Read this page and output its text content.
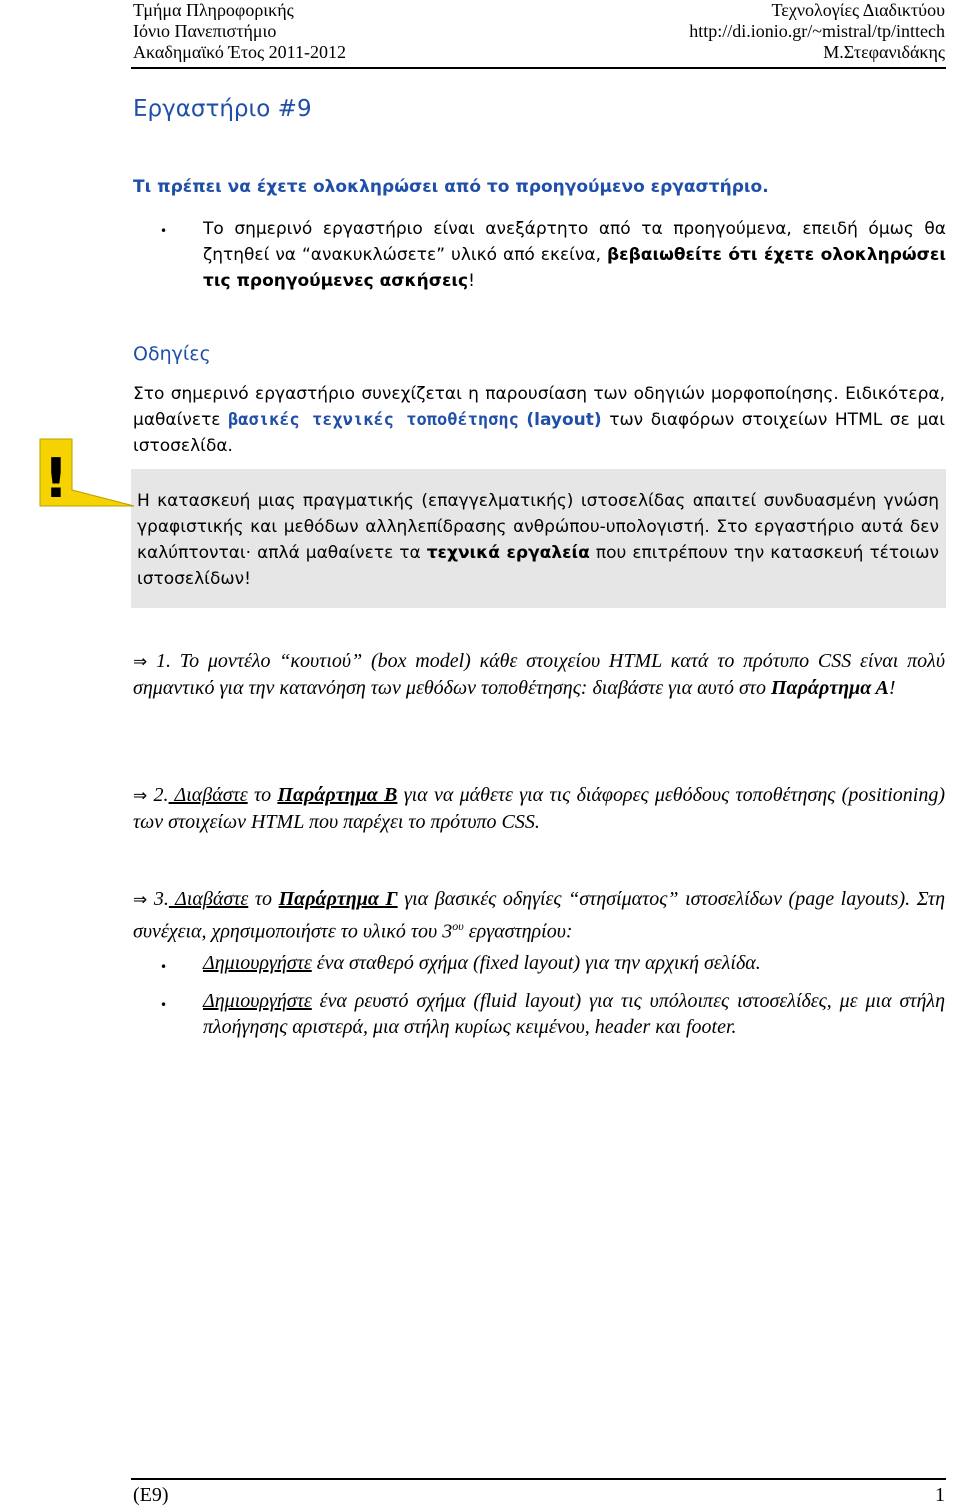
Τμήμα Πληροφορικής
Ιόνιο Πανεπιστήμιο
Ακαδημαϊκό Έτος 2011-2012
Τεχνολογίες Διαδικτύου
http://di.ionio.gr/~mistral/tp/inttech
Μ.Στεφανιδάκης
Εργαστήριο #9
Τι πρέπει να έχετε ολοκληρώσει από το προηγούμενο εργαστήριο.
• Το σημερινό εργαστήριο είναι ανεξάρτητο από τα προηγούμενα, επειδή όμως θα ζητηθεί να “ανακυκλώσετε” υλικό από εκείνα, βεβαιωθείτε ότι έχετε ολοκληρώσει τις προηγούμενες ασκήσεις!
Οδηγίες
Στο σημερινό εργαστήριο συνεχίζεται η παρουσίαση των οδηγιών μορφοποίησης. Ειδικότερα, μαθαίνετε βασικές τεχνικές τοποθέτησης (layout) των διαφόρων στοιχείων HTML σε μαι ιστοσελίδα.
!	Η κατασκευή μιας πραγματικής (επαγγελματικής) ιστοσελίδας απαιτεί συνδυασμένη γνώση γραφιστικής και μεθόδων αλληλεπίδρασης ανθρώπου-υπολογιστή. Στο εργαστήριο αυτά δεν καλύπτονται· απλά μαθαίνετε τα τεχνικά εργαλεία που επιτρέπουν την κατασκευή τέτοιων ιστοσελίδων!
⇒ 1. Το μοντέλο “κουτιού” (box model) κάθε στοιχείου HTML κατά το πρότυπο CSS είναι πολύ σημαντικό για την κατανόηση των μεθόδων τοποθέτησης: διαβάστε για αυτό στο Παράρτημα Α!
⇒ 2. Διαβάστε το Παράρτημα Β για να μάθετε για τις διάφορες μεθόδους τοποθέτησης (positioning) των στοιχείων HTML που παρέχει το πρότυπο CSS.
⇒ 3. Διαβάστε το Παράρτημα Γ για βασικές οδηγίες “στησίματος” ιστοσελίδων (page layouts). Στη συνέχεια, χρησιμοποιήστε το υλικό του $3^{o\upsilon}$ εργαστηρίου:
• Δημιουργήστε ένα σταθερό σχήμα (fixed layout) για την αρχική σελίδα.
• Δημιουργήστε ένα ρευστό σχήμα (fluid layout) για τις υπόλοιπες ιστοσελίδες, με μια στήλη πλοήγησης αριστερά, μια στήλη κυρίως κειμένου, header και footer.
(Ε9)	1
